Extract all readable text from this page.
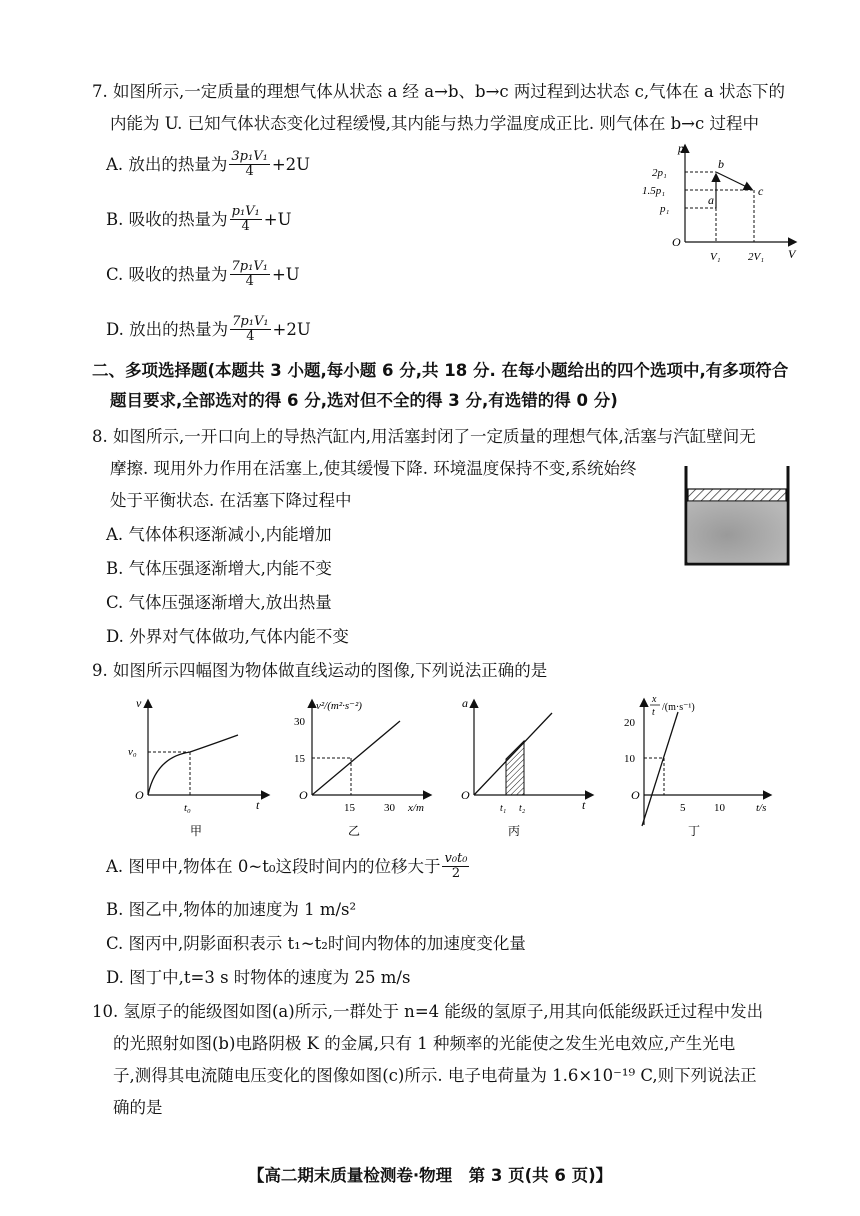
7. 如图所示,一定质量的理想气体从状态 a 经 a→b、b→c 两过程到达状态 c,气体在 a 状态下的
内能为 U. 已知气体状态变化过程缓慢,其内能与热力学温度成正比. 则气体在 b→c 过程中
A. 放出的热量为 $\frac{\text{3p₁V₁}}{4} +2U$
B. 吸收的热量为 $\frac{\text{p₁V₁}}{4} +U$
C. 吸收的热量为 $\frac{\text{7p₁V₁}}{4} +U$
D. 放出的热量为 $\frac{\text{7p₁V₁}}{4} +2U$
p
V
O
2p₁
1.5p₁
p₁
V₁ 2V₁
a
b
c
二、多项选择题(本题共 3 小题,每小题 6 分,共 18 分. 在每小题给出的四个选项中,有多项符合
题目要求,全部选对的得 6 分,选对但不全的得 3 分,有选错的得 0 分)
8. 如图所示,一开口向上的导热汽缸内,用活塞封闭了一定质量的理想气体,活塞与汽缸壁间无
摩擦. 现用外力作用在活塞上,使其缓慢下降. 环境温度保持不变,系统始终
处于平衡状态. 在活塞下降过程中
A. 气体体积逐渐减小,内能增加
B. 气体压强逐渐增大,内能不变
C. 气体压强逐渐增大,放出热量
D. 外界对气体做功,气体内能不变
9. 如图所示四幅图为物体做直线运动的图像,下列说法正确的是
v
t
O
v₀
t₀
甲
v²/(m²·s⁻²)
x/m
O
30
15
15	30
乙
a
t
O
t₁ t₂
丙
x
t /(m·s⁻¹)
t/s
O
20
10
5	10
丁
A. 图甲中,物体在 0~t₀这段时间内的位移大于 $\frac{\text{v₀t₀}}{2}$
B. 图乙中,物体的加速度为 1 m/s²
C. 图丙中,阴影面积表示 t₁~t₂时间内物体的加速度变化量
D. 图丁中,t=3 s 时物体的速度为 25 m/s
10. 氢原子的能级图如图(a)所示,一群处于 n=4 能级的氢原子,用其向低能级跃迁过程中发出
的光照射如图(b)电路阴极 K 的金属,只有 1 种频率的光能使之发生光电效应,产生光电
子,测得其电流随电压变化的图像如图(c)所示. 电子电荷量为 1.6×10⁻¹⁹ C,则下列说法正
确的是
【高二期末质量检测卷·物理　第 3 页(共 6 页)】
